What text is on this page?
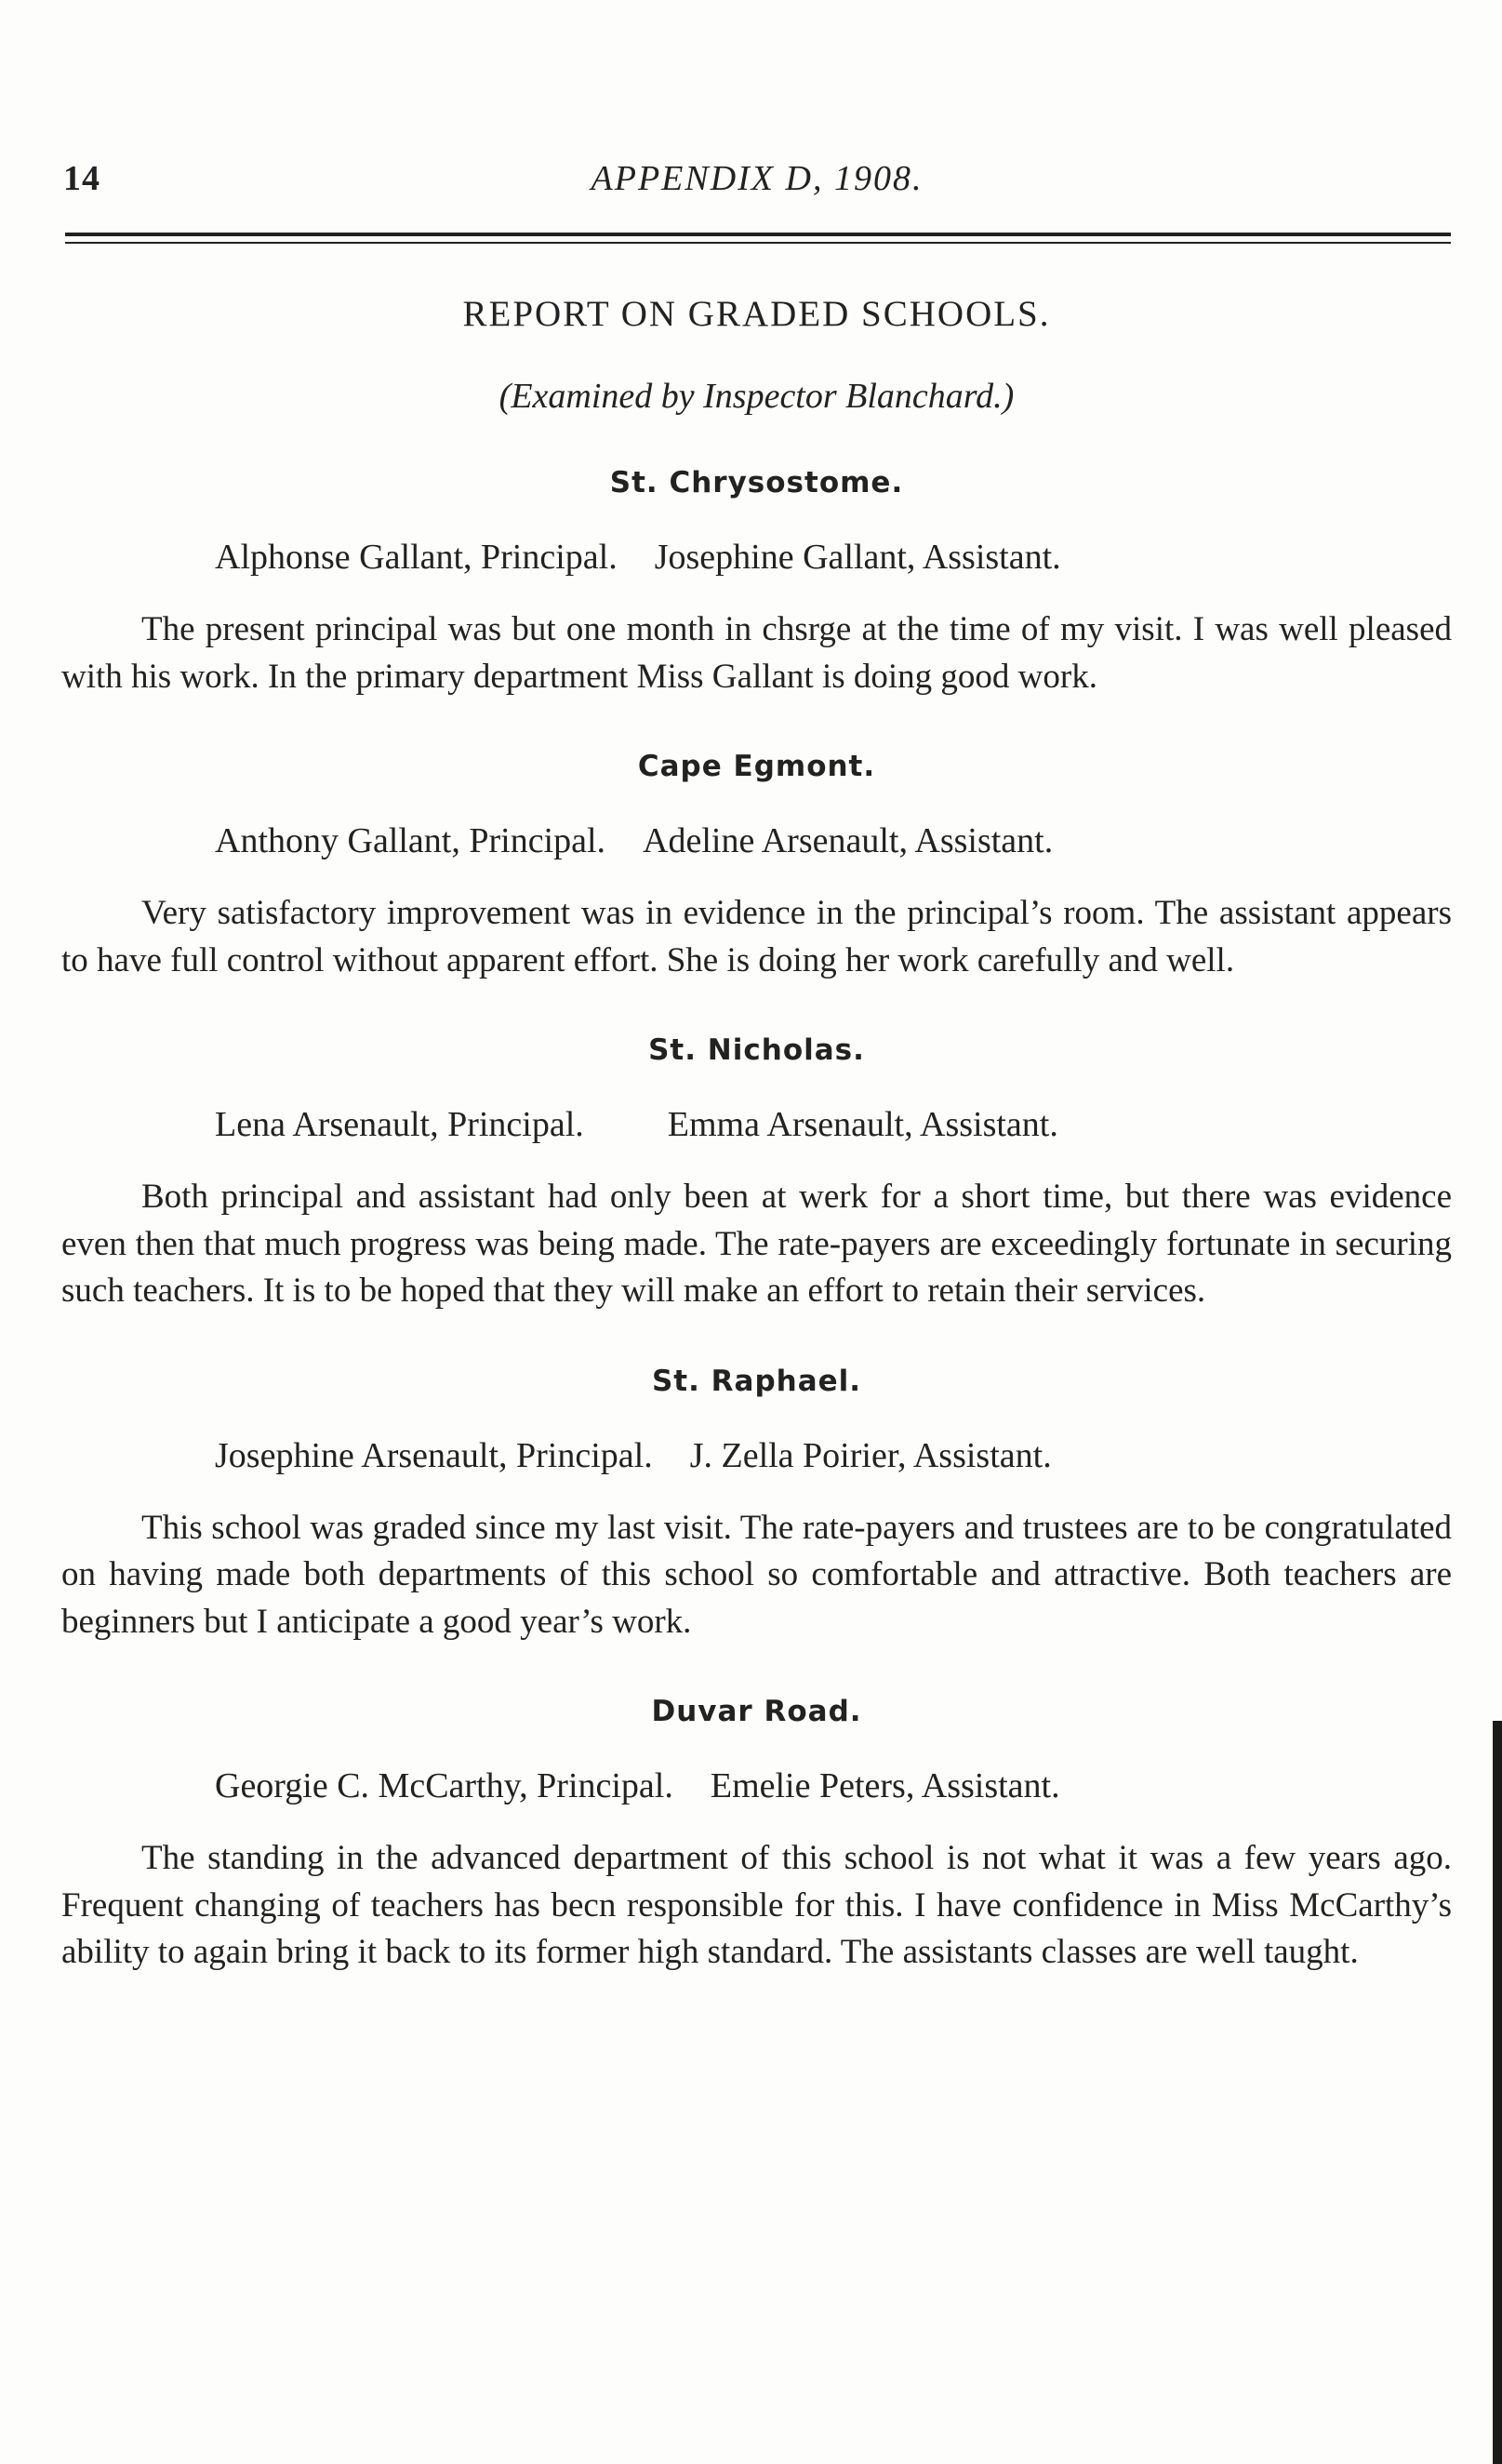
14	APPENDIX D, 1908.
REPORT ON GRADED SCHOOLS.
(Examined by Inspector Blanchard.)
St. Chrysostome.
Alphonse Gallant, Principal. Josephine Gallant, Assistant.

The present principal was but one month in chsrge at the time of my visit. I was well pleased with his work. In the primary department Miss Gallant is doing good work.

Cape Egmont.
Anthony Gallant, Principal. Adeline Arsenault, Assistant.

Very satisfactory improvement was in evidence in the principal’s room. The assistant appears to have full control without apparent effort. She is doing her work carefully and well.

St. Nicholas.
Lena Arsenault, Principal. Emma Arsenault, Assistant.

Both principal and assistant had only been at werk for a short time, but there was evidence even then that much progress was being made. The rate-payers are exceedingly fortunate in securing such teachers. It is to be hoped that they will make an effort to retain their services.

St. Raphael.
Josephine Arsenault, Principal. J. Zella Poirier, Assistant.

This school was graded since my last visit. The rate-payers and trustees are to be congratulated on having made both departments of this school so comfortable and attractive. Both teachers are beginners but I anticipate a good year’s work.

Duvar Road.
Georgie C. McCarthy, Principal. Emelie Peters, Assistant.

The standing in the advanced department of this school is not what it was a few years ago. Frequent changing of teachers has becn responsible for this. I have confidence in Miss McCarthy’s ability to again bring it back to its former high standard. The assistants classes are well taught.
